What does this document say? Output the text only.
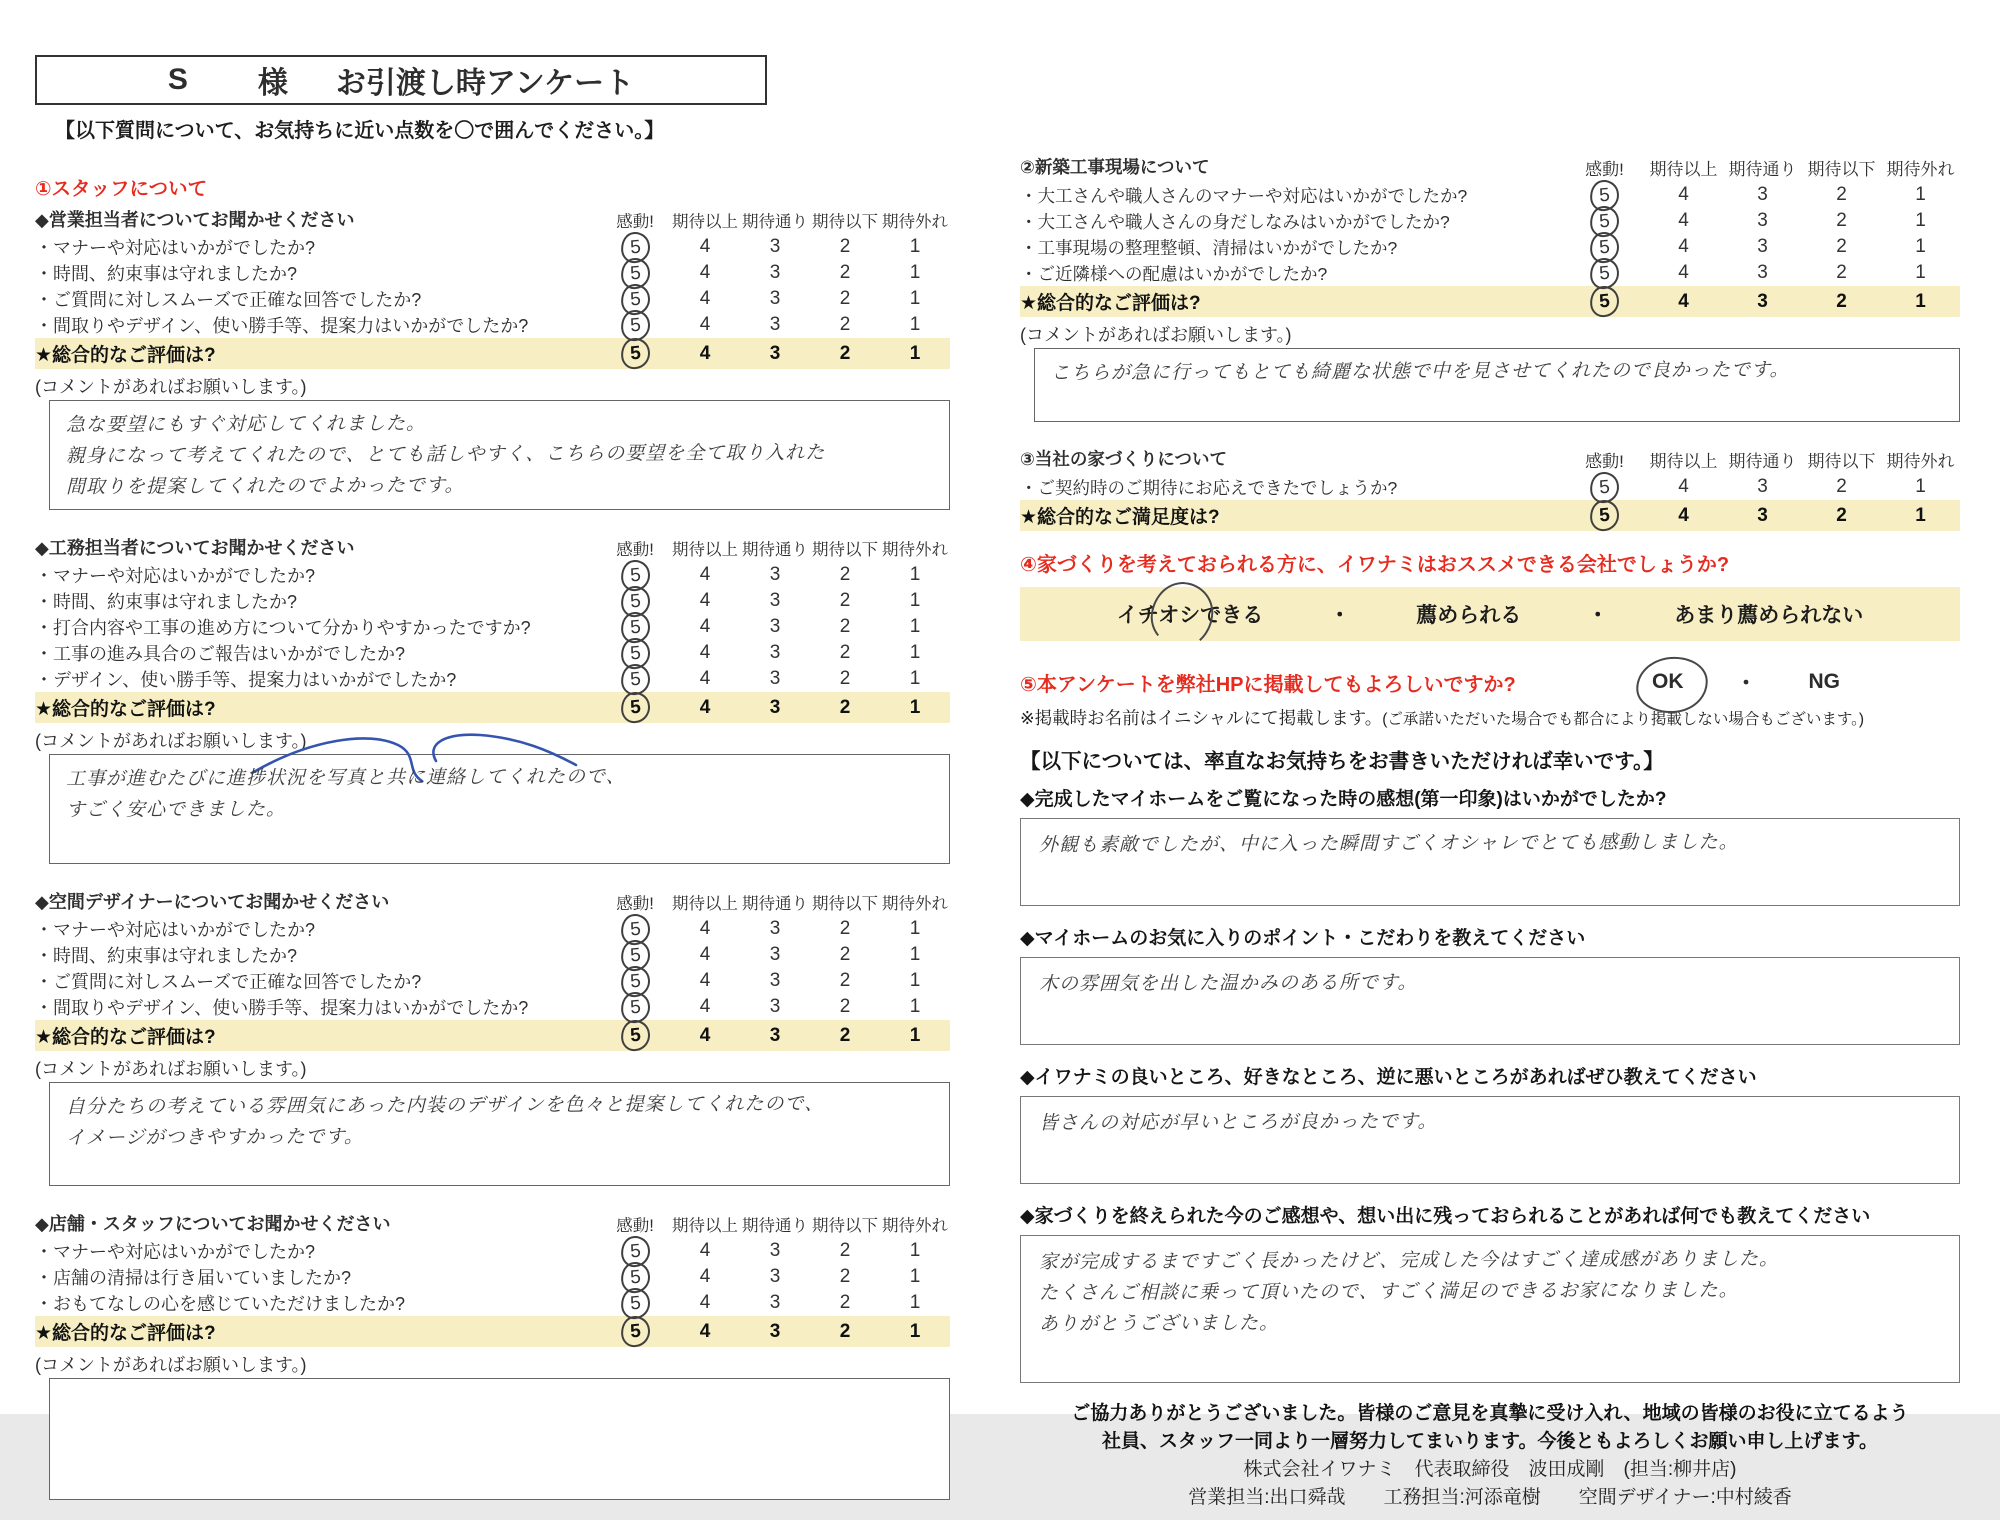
S 様 お引渡し時アンケート
【以下質問について、お気持ちに近い点数を〇で囲んでください。】
①スタッフについて
◆営業担当者についてお聞かせください	感動!	期待以上 期待通り 期待以下 期待外れ
・マナーや対応はいかがでしたか?	5	4	3	2	1
・時間、約束事は守れましたか?	5	4	3	2	1
・ご質問に対しスムーズで正確な回答でしたか?	5	4	3	2	1
・間取りやデザイン、使い勝手等、提案力はいかがでしたか?	5	4	3	2	1
★総合的なご評価は?	5	4	3	2	1
(コメントがあればお願いします。)
急な要望にもすぐ対応してくれました。
親身になって考えてくれたので、とても話しやすく、こちらの要望を全て取り入れた
間取りを提案してくれたのでよかったです。
◆工務担当者についてお聞かせください	感動!	期待以上 期待通り 期待以下 期待外れ
・マナーや対応はいかがでしたか?	5	4	3	2	1
・時間、約束事は守れましたか?	5	4	3	2	1
・打合内容や工事の進め方について分かりやすかったですか?	5	4	3	2	1
・工事の進み具合のご報告はいかがでしたか?	5	4	3	2	1
・デザイン、使い勝手等、提案力はいかがでしたか?	5	4	3	2	1
★総合的なご評価は?	5	4	3	2	1
(コメントがあればお願いします。)
工事が進むたびに進捗状況を写真と共に連絡してくれたので、
すごく安心できました。
◆空間デザイナーについてお聞かせください	感動!	期待以上 期待通り 期待以下 期待外れ
・マナーや対応はいかがでしたか?	5	4	3	2	1
・時間、約束事は守れましたか?	5	4	3	2	1
・ご質問に対しスムーズで正確な回答でしたか?	5	4	3	2	1
・間取りやデザイン、使い勝手等、提案力はいかがでしたか?	5	4	3	2	1
★総合的なご評価は?	5	4	3	2	1
(コメントがあればお願いします。)
自分たちの考えている雰囲気にあった内装のデザインを色々と提案してくれたので、
イメージがつきやすかったです。
◆店舗・スタッフについてお聞かせください	感動!	期待以上 期待通り 期待以下 期待外れ
・マナーや対応はいかがでしたか?	5	4	3	2	1
・店舗の清掃は行き届いていましたか?	5	4	3	2	1
・おもてなしの心を感じていただけましたか?	5	4	3	2	1
★総合的なご評価は?	5	4	3	2	1
(コメントがあればお願いします。)
②新築工事現場について	感動!	期待以上 期待通り 期待以下 期待外れ
・大工さんや職人さんのマナーや対応はいかがでしたか?	5	4	3	2	1
・大工さんや職人さんの身だしなみはいかがでしたか?	5	4	3	2	1
・工事現場の整理整頓、清掃はいかがでしたか?	5	4	3	2	1
・ご近隣様への配慮はいかがでしたか?	5	4	3	2	1
★総合的なご評価は?	5	4	3	2	1
(コメントがあればお願いします。)
こちらが急に行ってもとても綺麗な状態で中を見させてくれたので良かったです。
③当社の家づくりについて	感動!	期待以上 期待通り 期待以下 期待外れ
・ご契約時のご期待にお応えできたでしょうか?	5	4	3	2	1
★総合的なご満足度は?	5	4	3	2	1
④家づくりを考えておられる方に、イワナミはおススメできる会社でしょうか?
イチオシできる	・	薦められる	・	あまり薦められない
⑤本アンケートを弊社HPに掲載してもよろしいですか?	OK ・ NG
※掲載時お名前はイニシャルにて掲載します。(ご承諾いただいた場合でも都合により掲載しない場合もございます。)
【以下については、率直なお気持ちをお書きいただければ幸いです。】
◆完成したマイホームをご覧になった時の感想(第一印象)はいかがでしたか?
外観も素敵でしたが、中に入った瞬間すごくオシャレでとても感動しました。
◆マイホームのお気に入りのポイント・こだわりを教えてください
木の雰囲気を出した温かみのある所です。
◆イワナミの良いところ、好きなところ、逆に悪いところがあればぜひ教えてください
皆さんの対応が早いところが良かったです。
◆家づくりを終えられた今のご感想や、想い出に残っておられることがあれば何でも教えてください
家が完成するまですごく長かったけど、完成した今はすごく達成感がありました。
たくさんご相談に乗って頂いたので、すごく満足のできるお家になりました。
ありがとうございました。
ご協力ありがとうございました。皆様のご意見を真摯に受け入れ、地域の皆様のお役に立てるよう
社員、スタッフ一同より一層努力してまいります。今後ともよろしくお願い申し上げます。
株式会社イワナミ　代表取締役　波田成剛　(担当:柳井店)
営業担当:出口舜哉　　工務担当:河添竜樹　　空間デザイナー:中村綾香
